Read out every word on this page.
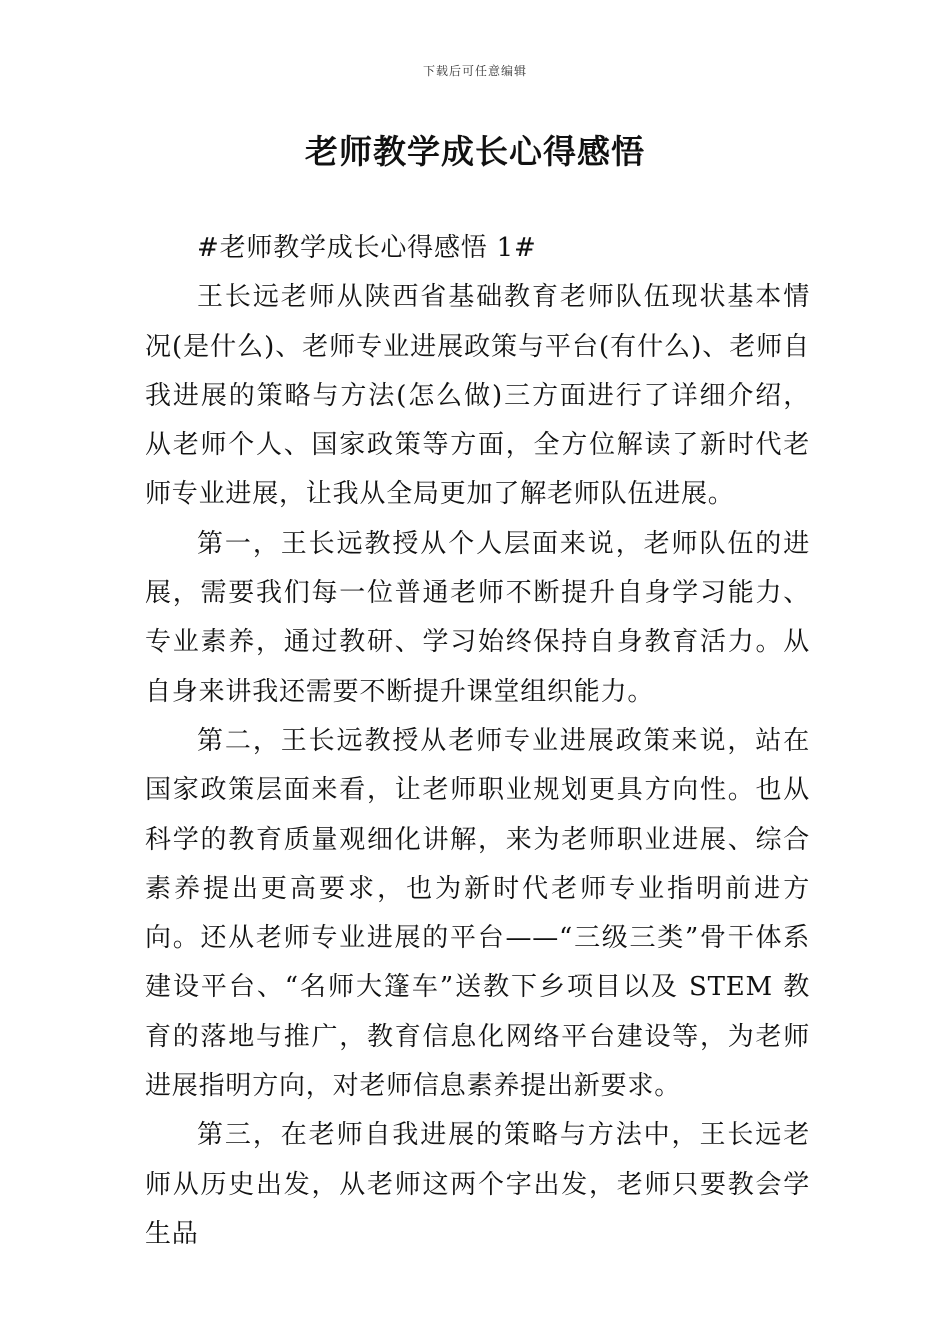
下载后可任意编辑
老师教学成长心得感悟

#老师教学成长心得感悟 1#

王长远老师从陕西省基础教育老师队伍现状基本情况(是什么)、老师专业进展政策与平台(有什么)、老师自我进展的策略与方法(怎么做)三方面进行了详细介绍，从老师个人、国家政策等方面，全方位解读了新时代老师专业进展，让我从全局更加了解老师队伍进展。

第一，王长远教授从个人层面来说，老师队伍的进展，需要我们每一位普通老师不断提升自身学习能力、专业素养，通过教研、学习始终保持自身教育活力。从自身来讲我还需要不断提升课堂组织能力。

第二，王长远教授从老师专业进展政策来说，站在国家政策层面来看，让老师职业规划更具方向性。也从科学的教育质量观细化讲解，来为老师职业进展、综合素养提出更高要求，也为新时代老师专业指明前进方向。还从老师专业进展的平台——“三级三类”骨干体系建设平台、“名师大篷车”送教下乡项目以及 STEM 教育的落地与推广，教育信息化网络平台建设等，为老师进展指明方向，对老师信息素养提出新要求。

第三，在老师自我进展的策略与方法中，王长远老师从历史出发，从老师这两个字出发，老师只要教会学生品
